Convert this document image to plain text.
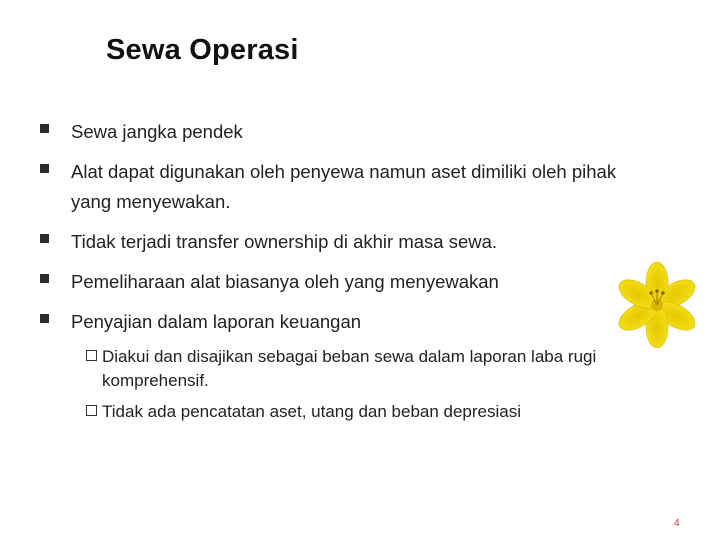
Sewa Operasi
Sewa jangka pendek
Alat dapat digunakan oleh penyewa namun aset dimiliki oleh pihak yang menyewakan.
Tidak terjadi transfer ownership di akhir masa sewa.
Pemeliharaan alat biasanya oleh yang menyewakan
Penyajian dalam laporan keuangan
Diakui dan disajikan sebagai beban sewa dalam laporan laba rugi komprehensif.
Tidak ada pencatatan aset, utang dan beban depresiasi
4
